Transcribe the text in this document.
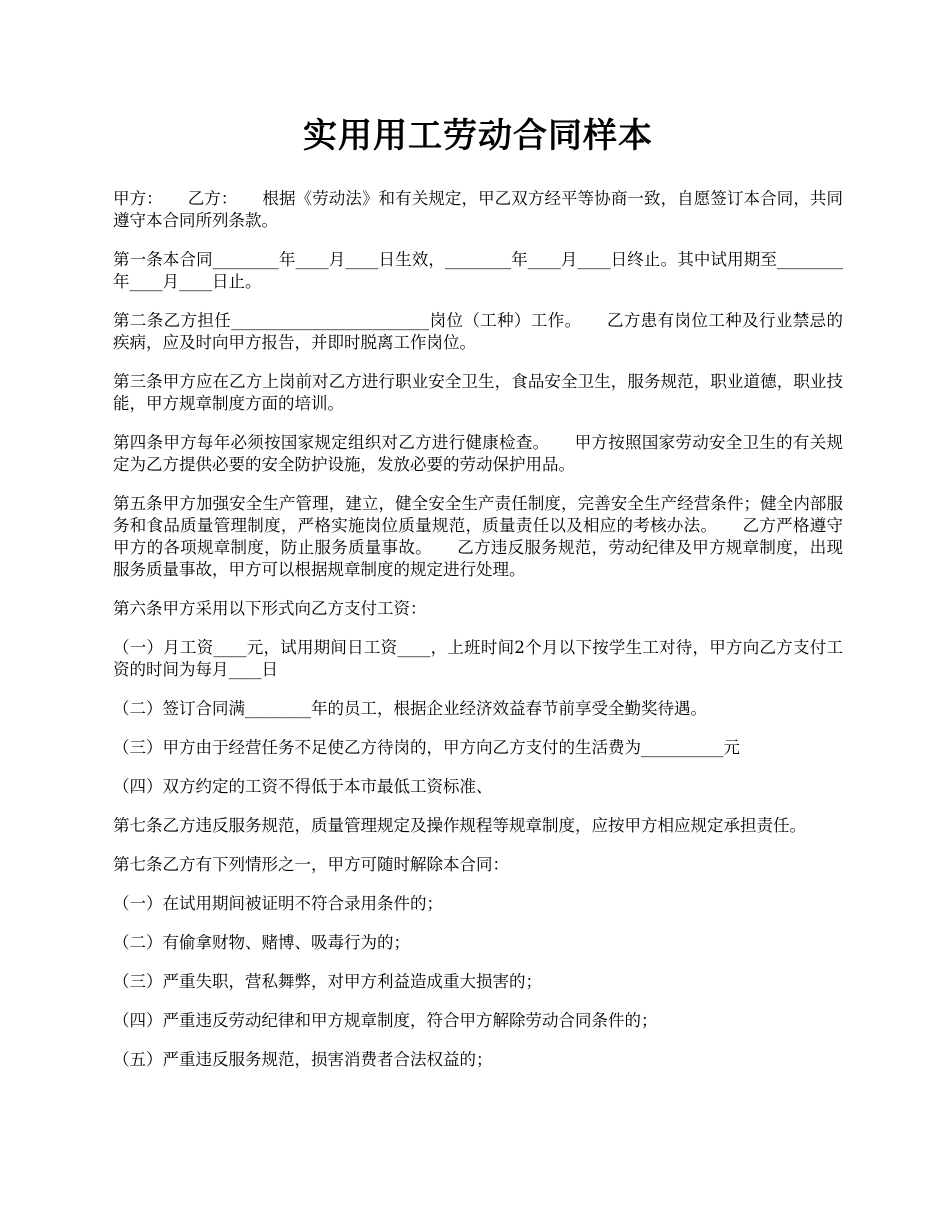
实用用工劳动合同样本

甲方：　　乙方：　　根据《劳动法》和有关规定，甲乙双方经平等协商一致，自愿签订本合同，共同遵守本合同所列条款。

第一条本合同________年____月____日生效，________年____月____日终止。其中试用期至________年____月____日止。

第二条乙方担任________________________岗位（工种）工作。　　乙方患有岗位工种及行业禁忌的疾病，应及时向甲方报告，并即时脱离工作岗位。

第三条甲方应在乙方上岗前对乙方进行职业安全卫生，食品安全卫生，服务规范，职业道德，职业技能，甲方规章制度方面的培训。

第四条甲方每年必须按国家规定组织对乙方进行健康检查。　　甲方按照国家劳动安全卫生的有关规定为乙方提供必要的安全防护设施，发放必要的劳动保护用品。

第五条甲方加强安全生产管理，建立，健全安全生产责任制度，完善安全生产经营条件；健全内部服务和食品质量管理制度，严格实施岗位质量规范，质量责任以及相应的考核办法。　　乙方严格遵守甲方的各项规章制度，防止服务质量事故。　　乙方违反服务规范，劳动纪律及甲方规章制度，出现服务质量事故，甲方可以根据规章制度的规定进行处理。

第六条甲方采用以下形式向乙方支付工资：

（一）月工资____元，试用期间日工资____，上班时间2个月以下按学生工对待，甲方向乙方支付工资的时间为每月____日

（二）签订合同满________年的员工，根据企业经济效益春节前享受全勤奖待遇。

（三）甲方由于经营任务不足使乙方待岗的，甲方向乙方支付的生活费为__________元

（四）双方约定的工资不得低于本市最低工资标准、

第七条乙方违反服务规范，质量管理规定及操作规程等规章制度，应按甲方相应规定承担责任。

第七条乙方有下列情形之一，甲方可随时解除本合同：

（一）在试用期间被证明不符合录用条件的；

（二）有偷拿财物、赌博、吸毒行为的；

（三）严重失职，营私舞弊，对甲方利益造成重大损害的；

（四）严重违反劳动纪律和甲方规章制度，符合甲方解除劳动合同条件的；

（五）严重违反服务规范，损害消费者合法权益的；
